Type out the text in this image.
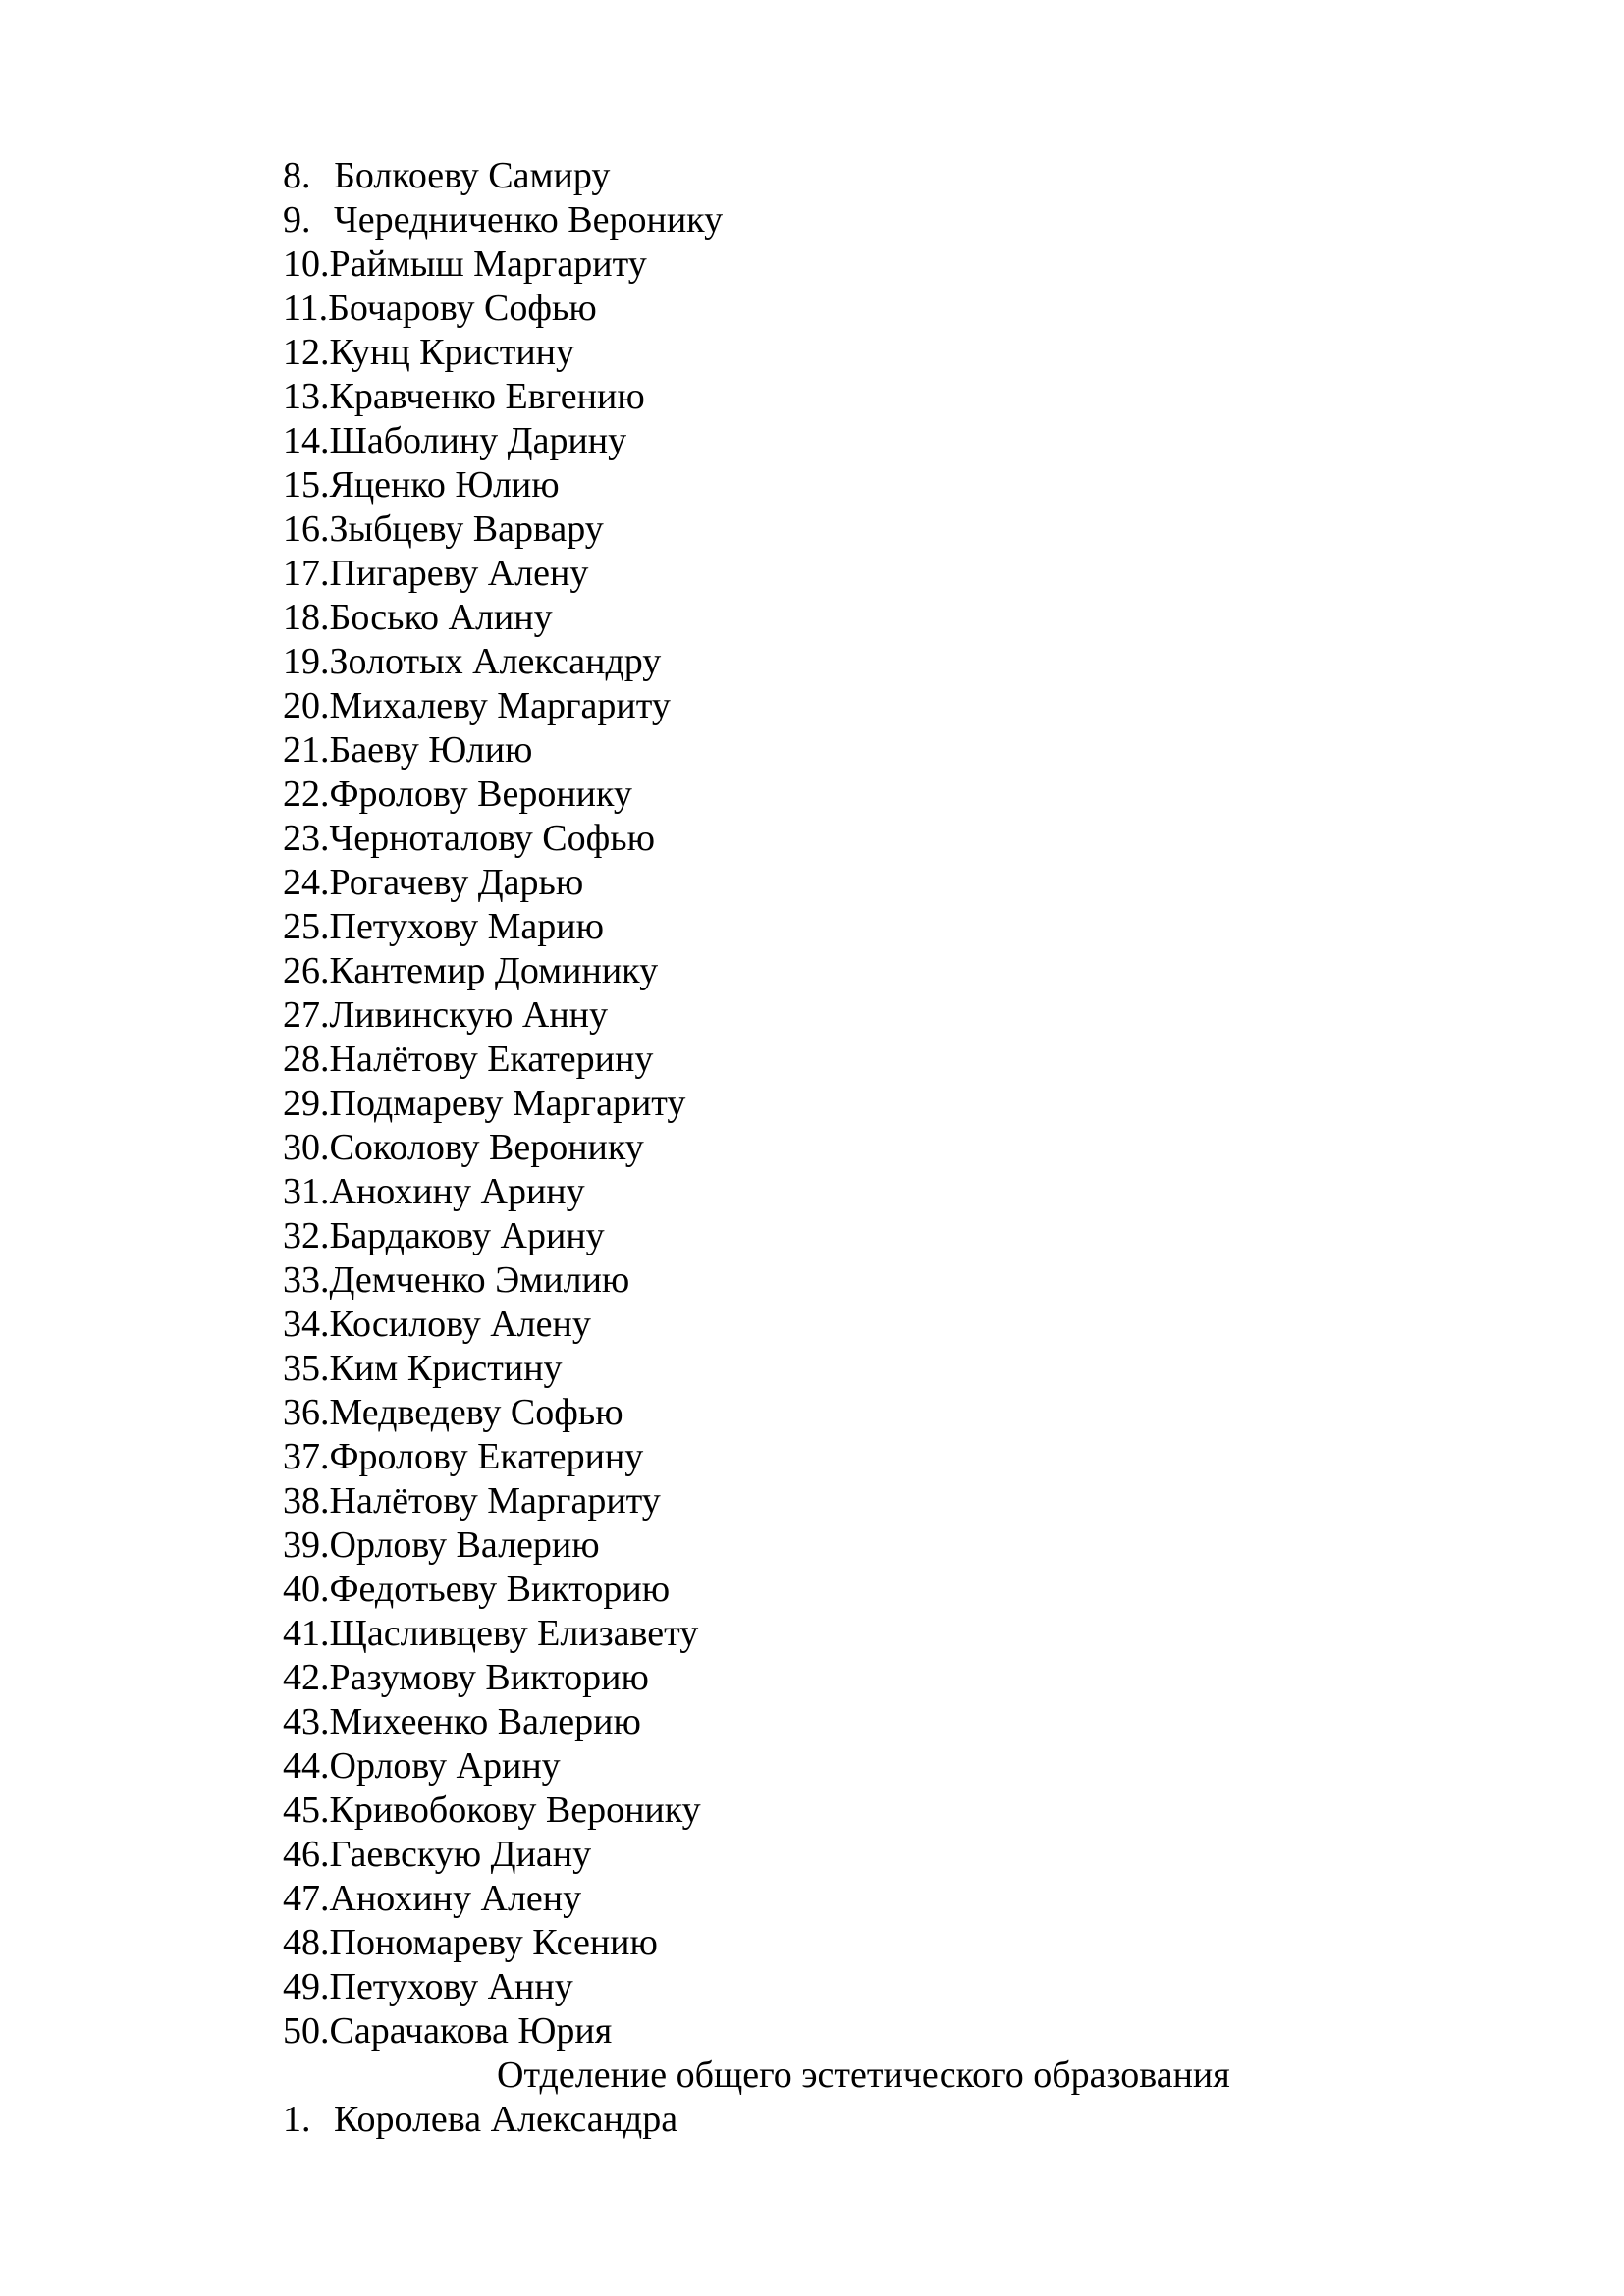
8. Болкоеву Самиру
9. Чередниченко Веронику
10.Раймыш Маргариту
11.Бочарову Софью
12.Кунц Кристину
13.Кравченко Евгению
14.Шаболину Дарину
15.Яценко Юлию
16.Зыбцеву Варвару
17.Пигареву Алену
18.Босько Алину
19.Золотых Александру
20.Михалеву Маргариту
21.Баеву Юлию
22.Фролову Веронику
23.Черноталову Софью
24.Рогачеву Дарью
25.Петухову Марию
26.Кантемир Доминику
27.Ливинскую Анну
28.Налётову Екатерину
29.Подмареву Маргариту
30.Соколову Веронику
31.Анохину Арину
32.Бардакову Арину
33.Демченко Эмилию
34.Косилову Алену
35.Ким Кристину
36.Медведеву Софью
37.Фролову Екатерину
38.Налётову Маргариту
39.Орлову Валерию
40.Федотьеву Викторию
41.Щасливцеву Елизавету
42.Разумову Викторию
43.Михеенко Валерию
44.Орлову Арину
45.Кривобокову Веронику
46.Гаевскую Диану
47.Анохину Алену
48.Пономареву Ксению
49.Петухову Анну
50.Сарачакова Юрия
Отделение общего эстетического образования
1. Королева Александра
